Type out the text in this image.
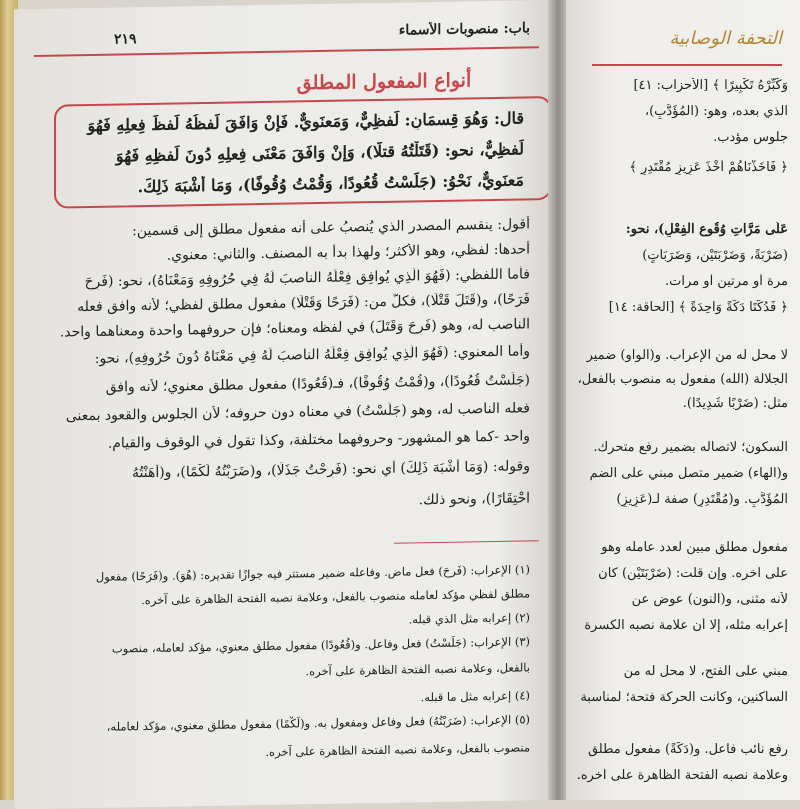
باب: منصوبات الأسماء
٢١٩
أنواع المفعول المطلق
قال: وَهُوَ قِسمَانِ: لَفظِيٌّ، وَمَعنَوِيٌّ. فَإِنْ وَافَقَ لَفظُهُ لَفظَ فِعلِهِ فَهُوَ
لَفظِيٌّ، نحو: (قَتَلْتُهُ قتلًا)، وَإِنْ وَافَقَ مَعْنَى فِعلِهِ دُونَ لَفظِهِ فَهُوَ
مَعنَوِيٌّ، نَحْوُ: (جَلَسْتُ قُعُودًا، وَقُمْتُ وُقُوفًا)، وَمَا أَشْبَهَ ذَلِكَ.
أقول: ينقسم المصدر الذي يُنصبُ على أنه مفعول مطلق إلى قسمين:
أحدها: لفظي، وهو الأكثر؛ ولهذا بدأ به المصنف. والثاني: معنوي.
فأما اللفظي: (فَهُوَ الَّذِي يُوافِق فِعْلَهُ الناصبَ لَهُ فِي حُرُوفِهِ وَمَعْنَاهُ)، نحو: (فَرِحَ
فَرَحًا)، و(قَتَلَ قَتْلًا)، فكلٌّ من: (فَرَحًا وَقَتْلًا) مفعول مطلق لفظي؛ لأنه وافق فعله
الناصب له، وهو (فَرِحَ وَقَتَلَ) في لفظه ومعناه؛ فإن حروفهما واحدة ومعناهما واحد.
وأما المعنوي: (فَهُوَ الَّذِي يُوافِق فِعْلَهُ الناصبَ لَهُ فِي مَعْنَاهُ دُونَ حُرُوفِهِ)، نحو:
(جَلَسْتُ قُعُودًا)، و(قُمْتُ وُقُوفًا)، فـ(قُعُودًا) مفعول مطلق معنوي؛ لأنه وافق
فعله الناصب له، وهو (جَلَسْتُ) في معناه دون حروفه؛ لأن الجلوس والقعود بمعنى
واحد -كما هو المشهور- وحروفهما مختلفة، وكذا تقول في الوقوف والقيام.
وقوله: (وَمَا أَشْبَهَ ذَلِكَ) أي نحو: (فَرِحْتُ جَذَلًا)، و(ضَرَبْتُهُ لَكْمًا)، و(أَهَنْتُهُ
احْتِقَارًا)، ونحو ذلك.
(١) الإعراب: (فَرِحَ) فعل ماضٍ. وفاعله ضمير مستتر فيه جوازًا تقديره: (هُوَ). و(فَرَحًا) مفعول
مطلق لفظي مؤكد لعامله منصوب بالفعل، وعلامة نصبه الفتحة الظاهرة على آخره.
(٢) إعرابه مثل الذي قبله.
(٣) الإعراب: (جَلَسْتُ) فعل وفاعل. و(قُعُودًا) مفعول مطلق معنوي، مؤكد لعامله، منصوب
بالفعل، وعلامة نصبه الفتحة الظاهرة على آخره.
(٤) إعرابه مثل ما قبله.
(٥) الإعراب: (ضَرَبْتُهُ) فعل وفاعل ومفعول به. و(لَكْمًا) مفعول مطلق معنوي، مؤكد لعامله،
منصوب بالفعل، وعلامة نصبه الفتحة الظاهرة على آخره.
التحفة الوصابية
وَكَبِّرْهُ تَكْبِيرًا ﴾ [الأحزاب: ٤١]
الذي بعده، وهو: (الْمُؤَدَّبِ)،
جلوس مؤدب.
﴿ فَأَخَذْنَاهُمْ أَخْذَ عَزِيزٍ مُقْتَدِرٍ ﴾
عَلَى مَرَّاتِ وُقُوعِ الْفِعْلِ)، نحو:
(ضَرْبَةً، وَضَرْبَتَيْنِ، وَضَرَبَاتٍ)
مرة أو مرتين أو مرات.
﴿ فَدُكَّتَا دَكَّةً وَاحِدَةً ﴾ [الحاقة: ١٤]
لا محل له من الإعراب. و(الواو) ضمير
الجلالة (الله) مفعول به منصوب بالفعل،
مثل: (ضَرْبًا شَدِيدًا).
السكون؛ لاتصاله بضمير رفع متحرك.
و(الهاء) ضمير متصل مبني على الضم
الْمُؤَدَّبِ. و(مُقْتَدِرٍ) صفة لـ(عَزِيزٍ)
مفعول مطلق مبين لعدد عامله وهو
على آخره. وإن قلت: (ضَرْبَتَيْنِ) كان
لأنه مثنى، و(النون) عوض عن
إعرابه مثله، إلا أن علامة نصبه الكسرة
مبني على الفتح، لا محل له من
الساكنين، وكانت الحركة فتحة؛ لمناسبة
رفع نائب فاعل. و(دَكَّةً) مفعول مطلق
وعلامة نصبه الفتحة الظاهرة على آخره.
